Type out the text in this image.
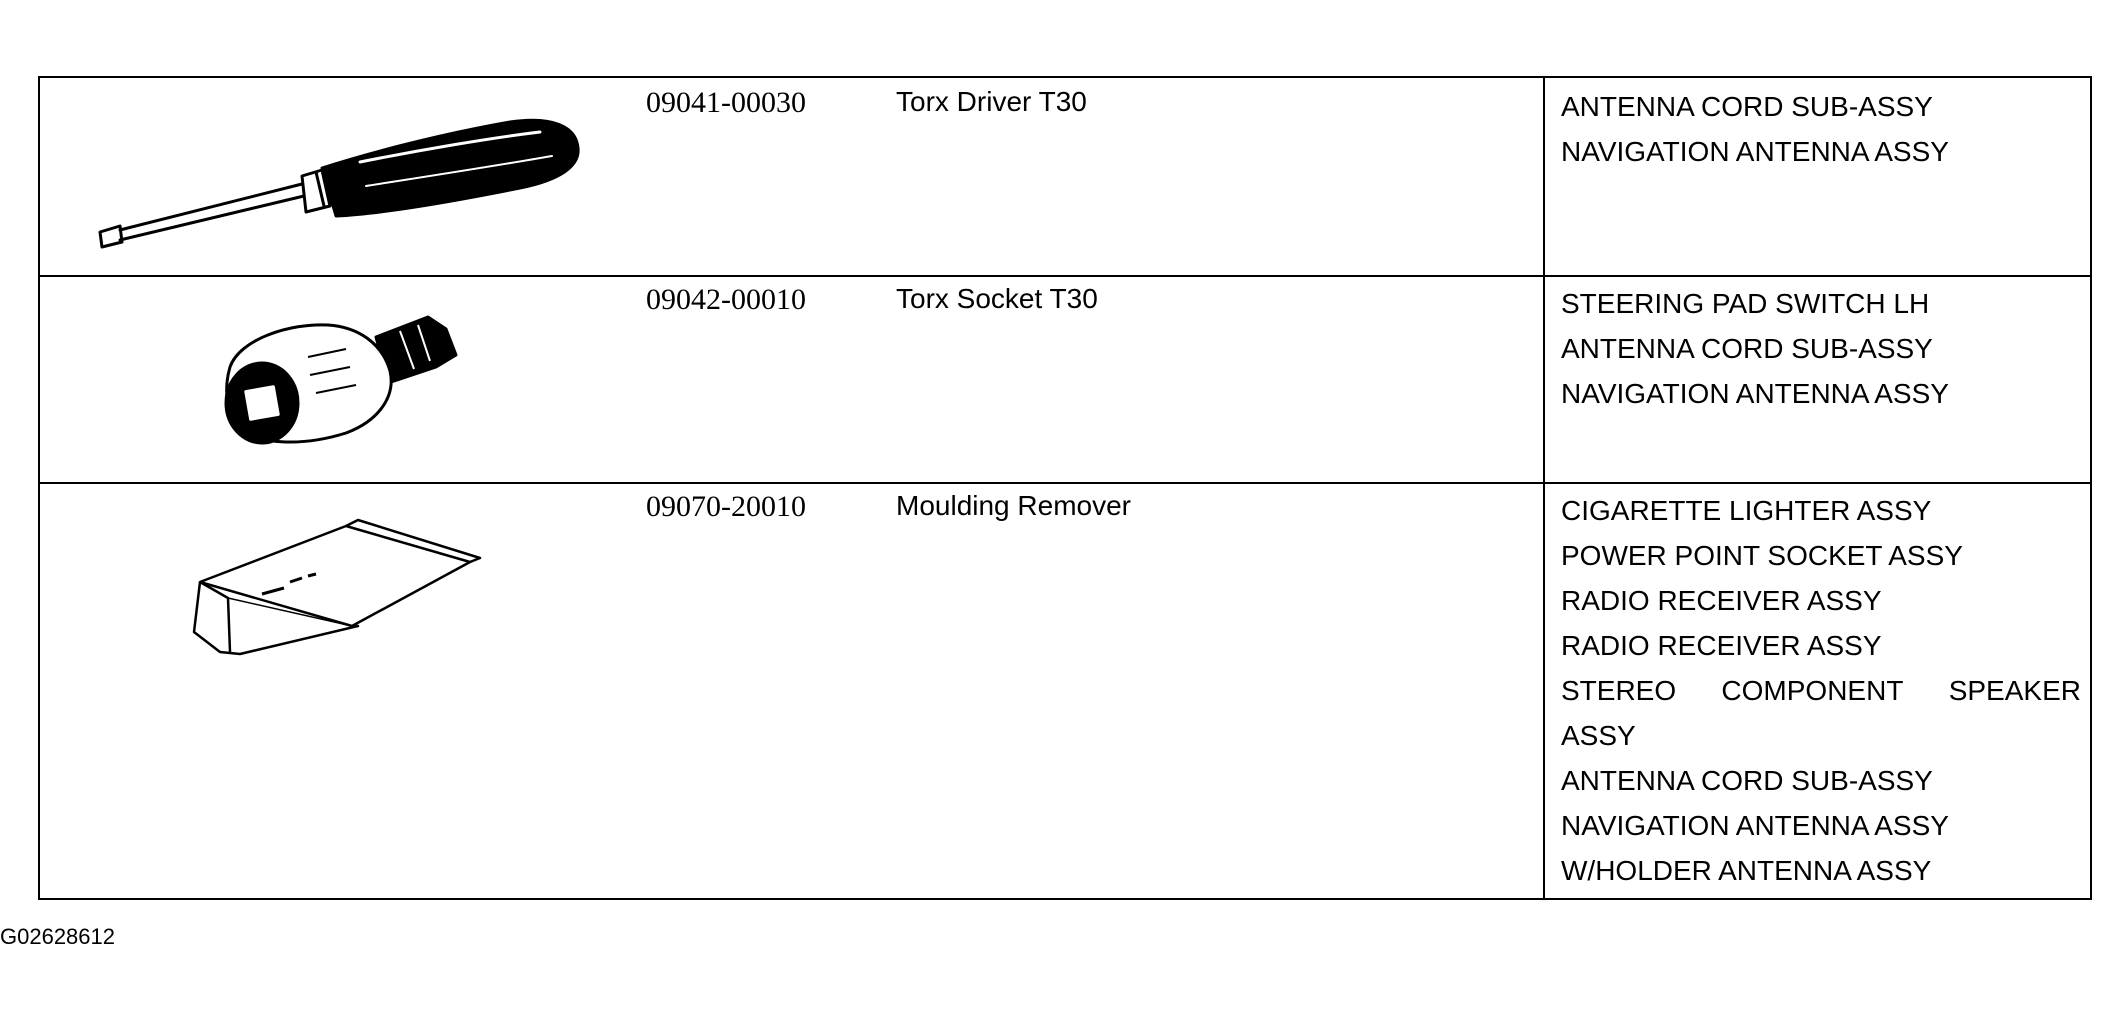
09041-00030	Torx Driver T30	ANTENNA CORD SUB-ASSY
NAVIGATION ANTENNA ASSY
09042-00010	Torx Socket T30	STEERING PAD SWITCH LH
ANTENNA CORD SUB-ASSY
NAVIGATION ANTENNA ASSY
09070-20010	Moulding Remover	CIGARETTE LIGHTER ASSY
POWER POINT SOCKET ASSY
RADIO RECEIVER ASSY
RADIO RECEIVER ASSY
STEREO COMPONENT SPEAKER
ASSY
ANTENNA CORD SUB-ASSY
NAVIGATION ANTENNA ASSY
W/HOLDER ANTENNA ASSY
G02628612
